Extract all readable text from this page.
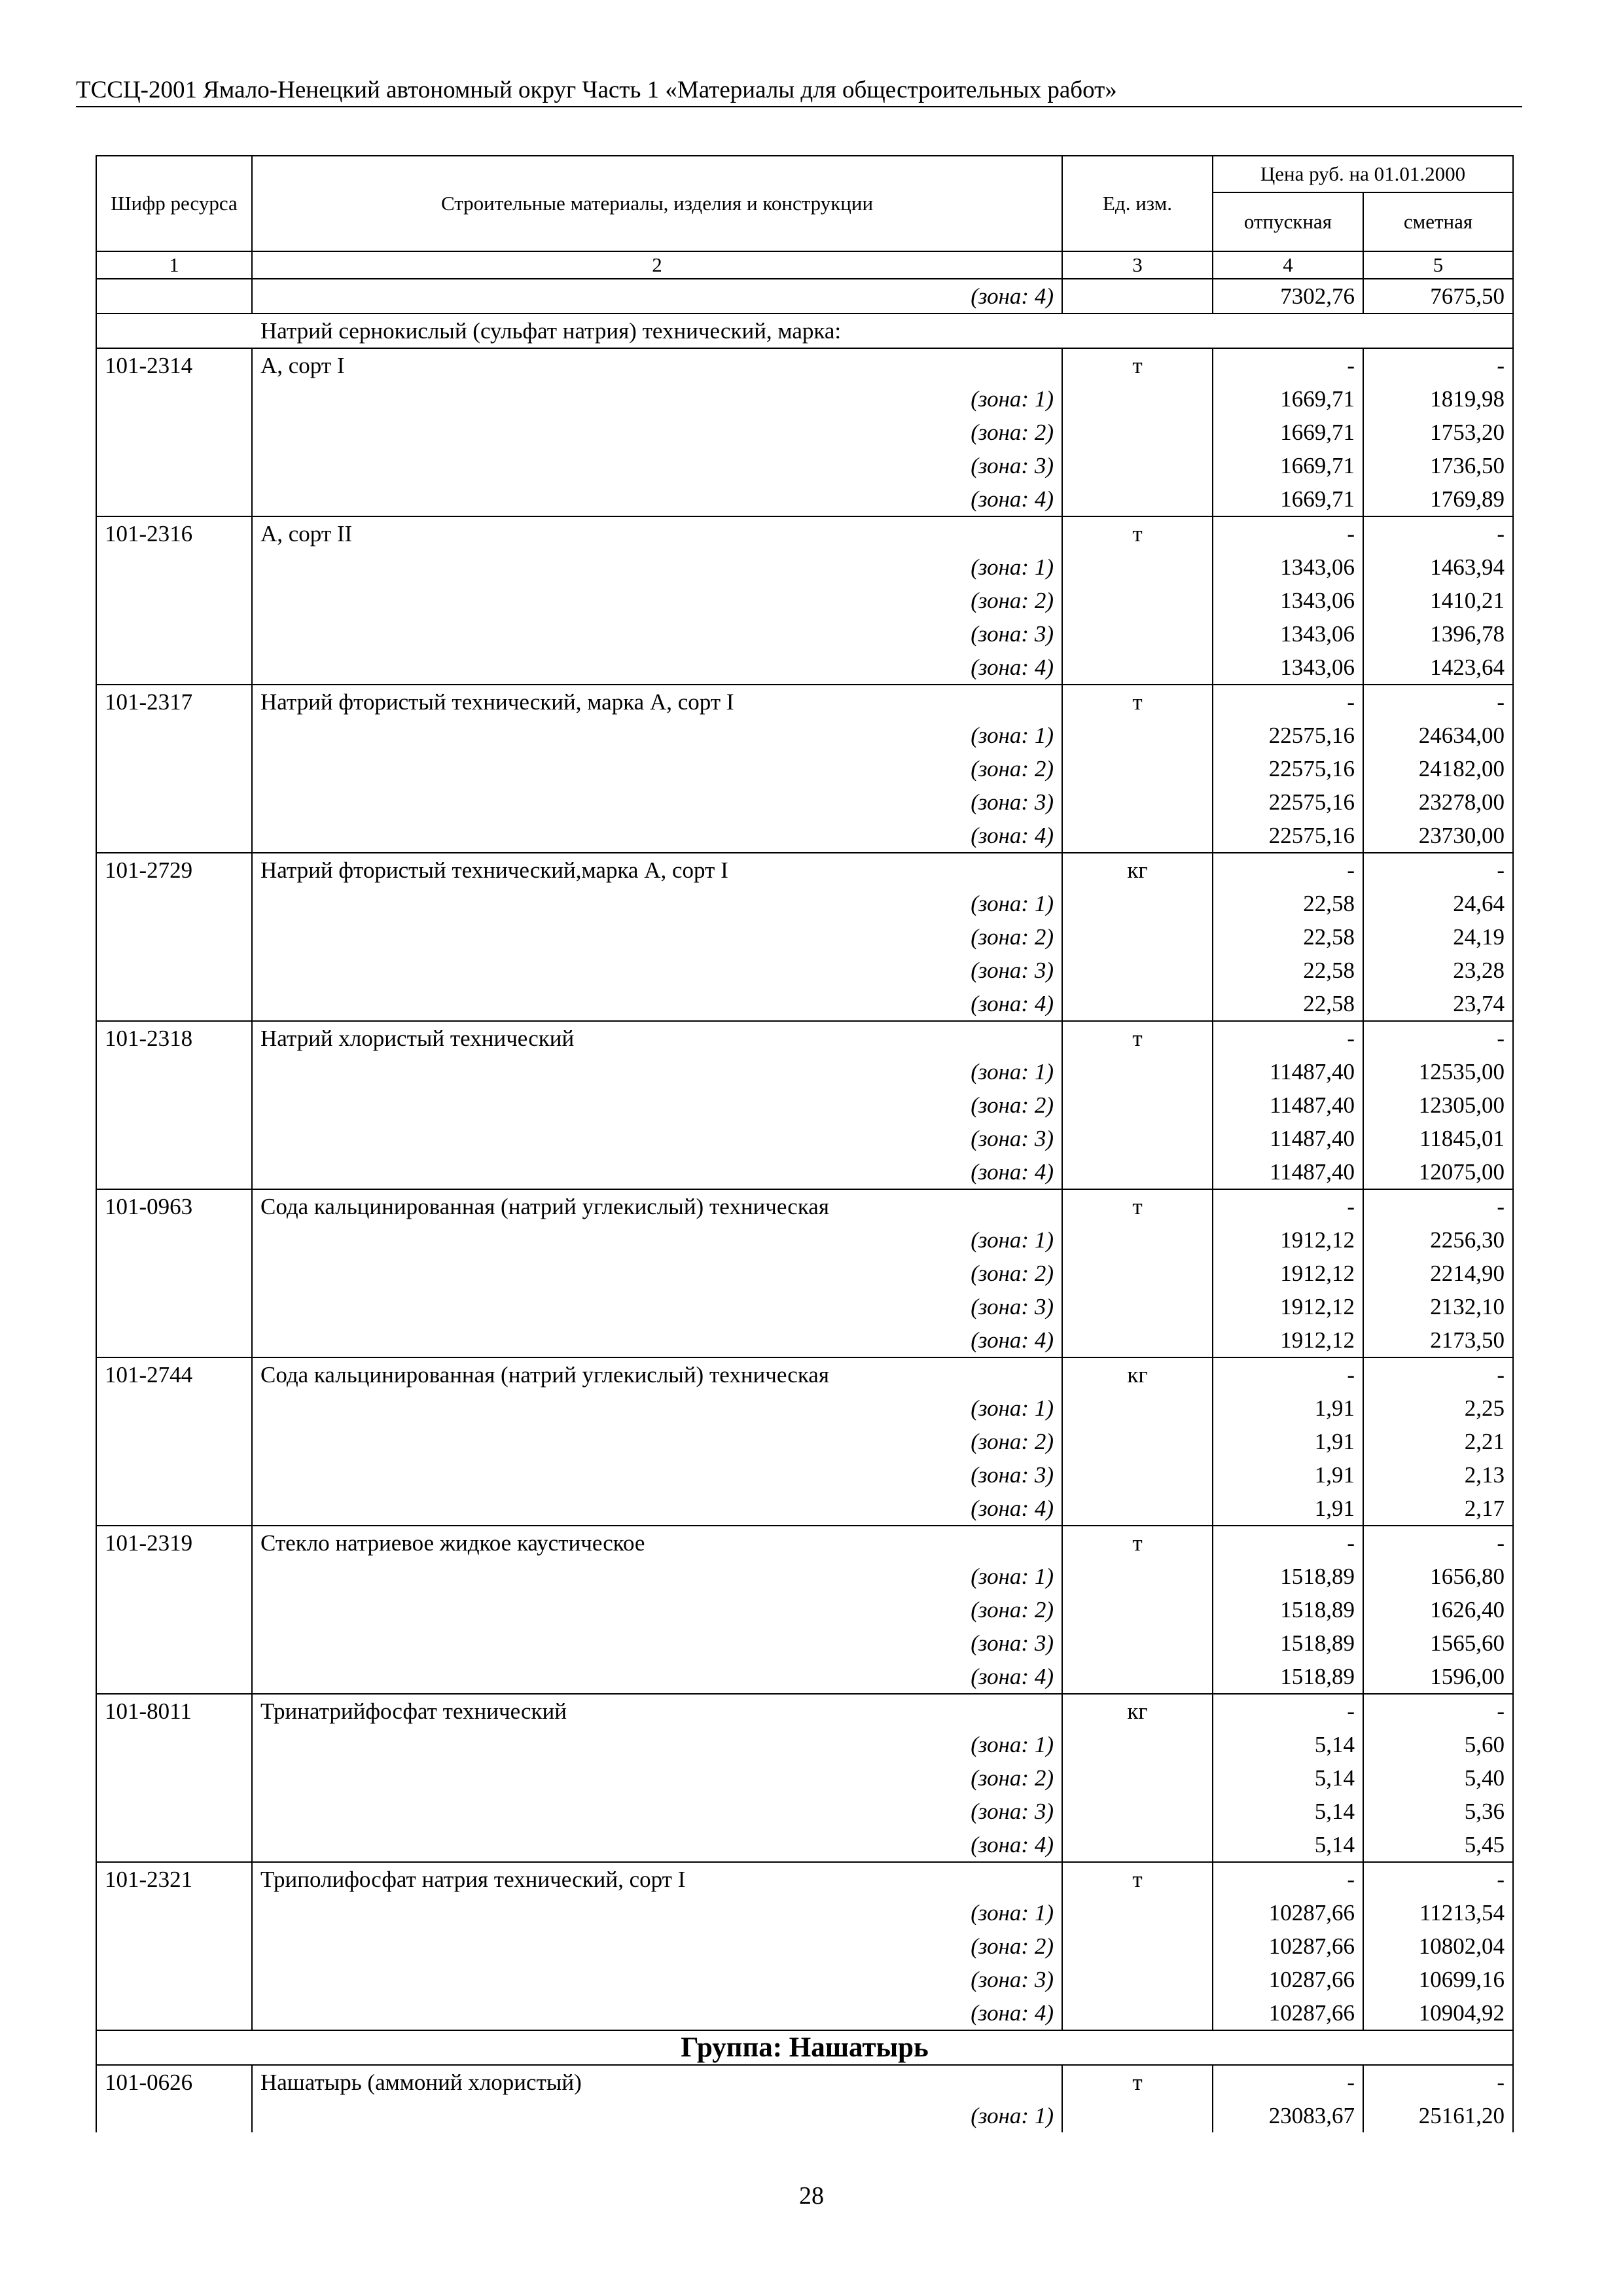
ТССЦ-2001 Ямало-Ненецкий автономный округ Часть 1 «Материалы для общестроительных работ»
Шифр ресурса	Строительные материалы, изделия и конструкции	Ед. изм.	Цена руб. на 01.01.2000	
			отпускная	сметная
1	2	3	4	5
	(зона: 4)		7302,76	7675,50
Натрий сернокислый (сульфат натрия) технический, марка:				
101-2314	А, сорт I	т	-	-
	(зона: 1)		1669,71	1819,98
	(зона: 2)		1669,71	1753,20
	(зона: 3)		1669,71	1736,50
	(зона: 4)		1669,71	1769,89
101-2316	А, сорт II	т	-	-
	(зона: 1)		1343,06	1463,94
	(зона: 2)		1343,06	1410,21
	(зона: 3)		1343,06	1396,78
	(зона: 4)		1343,06	1423,64
101-2317	Натрий фтористый технический, марка А, сорт I	т	-	-
	(зона: 1)		22575,16	24634,00
	(зона: 2)		22575,16	24182,00
	(зона: 3)		22575,16	23278,00
	(зона: 4)		22575,16	23730,00
101-2729	Натрий фтористый технический,марка А, сорт I	кг	-	-
	(зона: 1)		22,58	24,64
	(зона: 2)		22,58	24,19
	(зона: 3)		22,58	23,28
	(зона: 4)		22,58	23,74
101-2318	Натрий хлористый технический	т	-	-
	(зона: 1)		11487,40	12535,00
	(зона: 2)		11487,40	12305,00
	(зона: 3)		11487,40	11845,01
	(зона: 4)		11487,40	12075,00
101-0963	Сода кальцинированная (натрий углекислый) техническая	т	-	-
	(зона: 1)		1912,12	2256,30
	(зона: 2)		1912,12	2214,90
	(зона: 3)		1912,12	2132,10
	(зона: 4)		1912,12	2173,50
101-2744	Сода кальцинированная (натрий углекислый) техническая	кг	-	-
	(зона: 1)		1,91	2,25
	(зона: 2)		1,91	2,21
	(зона: 3)		1,91	2,13
	(зона: 4)		1,91	2,17
101-2319	Стекло натриевое жидкое каустическое	т	-	-
	(зона: 1)		1518,89	1656,80
	(зона: 2)		1518,89	1626,40
	(зона: 3)		1518,89	1565,60
	(зона: 4)		1518,89	1596,00
101-8011	Тринатрийфосфат технический	кг	-	-
	(зона: 1)		5,14	5,60
	(зона: 2)		5,14	5,40
	(зона: 3)		5,14	5,36
	(зона: 4)		5,14	5,45
101-2321	Триполифосфат натрия технический, сорт I	т	-	-
	(зона: 1)		10287,66	11213,54
	(зона: 2)		10287,66	10802,04
	(зона: 3)		10287,66	10699,16
	(зона: 4)		10287,66	10904,92
Группа: Нашатырь				
101-0626	Нашатырь (аммоний хлористый)	т	-	-
	(зона: 1)		23083,67	25161,20
28
